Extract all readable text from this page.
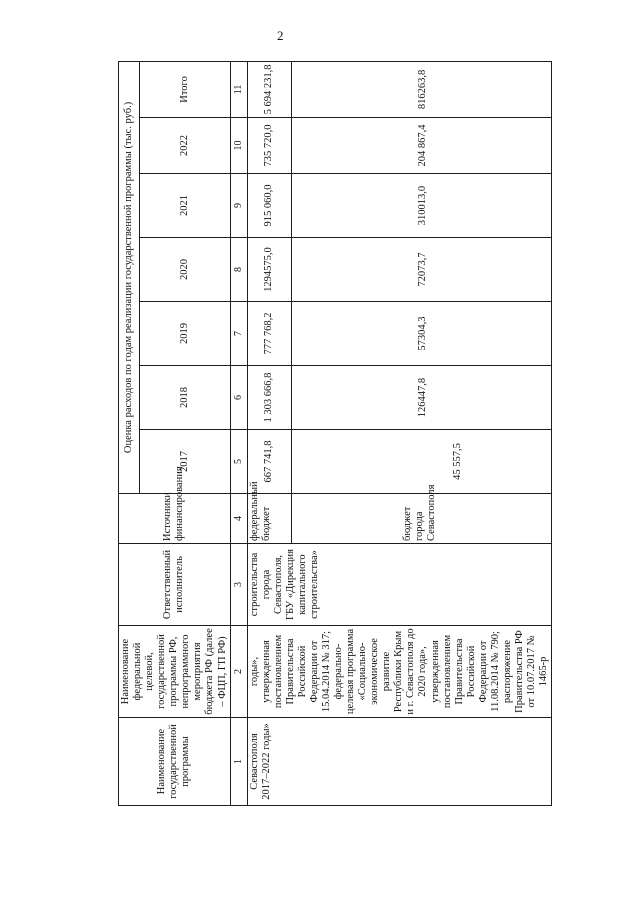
2
Наименование государственной программы	Наименование федеральной целевой, государственной программы РФ, непрограммного мероприятия бюджета РФ (далее – ФЦП, ГП РФ)	Ответственный исполнитель	Источники финансирования	Оценка расходов по годам реализации государственной программы (тыс. руб.)						
				2017	2018	2019	2020	2021	2022	Итого
1	2	3	4	5	6	7	8	9	10	11
Севастополя 2017–2022 годы»	годы», утвержденная постановлением Правительства Российской Федерации от 15.04.2014 № 317; федерально-целевая программа «Социально-экономическое развитие Республики Крым и г. Севастополя до 2020 года», утвержденная постановлением Правительства Российской Федерации от 11.08.2014 № 790; распоряжение Правительства РФ от 10.07.2017 № 1465-р	строительства города Севастополя, ГБУ «Дирекция капитального строительства»	федеральный бюджет	667 741,8	1 303 666,8	777 768,2	1294575,0	915 060,0	735 720,0	5 694 231,8
			бюджет города Севастополя	45 557,5	126447,8	57304,3	72073,7	310013,0	204 867,4	816263,8
